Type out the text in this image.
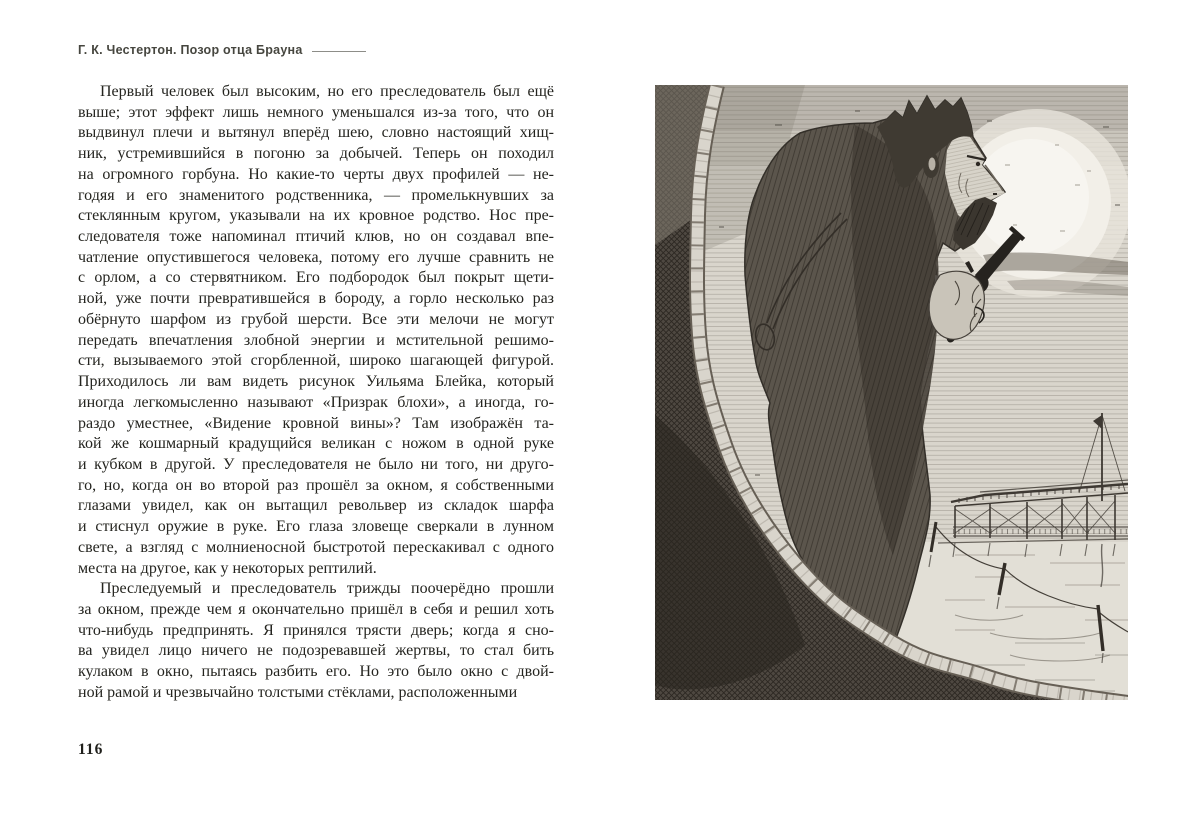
Г. К. Честертон. Позор отца Брауна
Первый человек был высоким, но его преследователь был ещё
выше; этот эффект лишь немного уменьшался из-за того, что он
выдвинул плечи и вытянул вперёд шею, словно настоящий хищ-
ник, устремившийся в погоню за добычей. Теперь он походил
на огромного горбуна. Но какие-то черты двух профилей — не-
годяя и его знаменитого родственника, — промелькнувших за
стеклянным кругом, указывали на их кровное родство. Нос пре-
следователя тоже напоминал птичий клюв, но он создавал впе-
чатление опустившегося человека, потому его лучше сравнить не
с орлом, а со стервятником. Его подбородок был покрыт щети-
ной, уже почти превратившейся в бороду, а горло несколько раз
обёрнуто шарфом из грубой шерсти. Все эти мелочи не могут
передать впечатления злобной энергии и мстительной решимо-
сти, вызываемого этой сгорбленной, широко шагающей фигурой.
Приходилось ли вам видеть рисунок Уильяма Блейка, который
иногда легкомысленно называют «Призрак блохи», а иногда, го-
раздо уместнее, «Видение кровной вины»? Там изображён та-
кой же кошмарный крадущийся великан с ножом в одной руке
и кубком в другой. У преследователя не было ни того, ни друго-
го, но, когда он во второй раз прошёл за окном, я собственными
глазами увидел, как он вытащил револьвер из складок шарфа
и стиснул оружие в руке. Его глаза зловеще сверкали в лунном
свете, а взгляд с молниеносной быстротой перескакивал с одного
места на другое, как у некоторых рептилий.
Преследуемый и преследователь трижды поочерёдно прошли
за окном, прежде чем я окончательно пришёл в себя и решил хоть
что-нибудь предпринять. Я принялся трясти дверь; когда я сно-
ва увидел лицо ничего не подозревавшей жертвы, то стал бить
кулаком в окно, пытаясь разбить его. Но это было окно с двой-
ной рамой и чрезвычайно толстыми стёклами, расположенными
116
